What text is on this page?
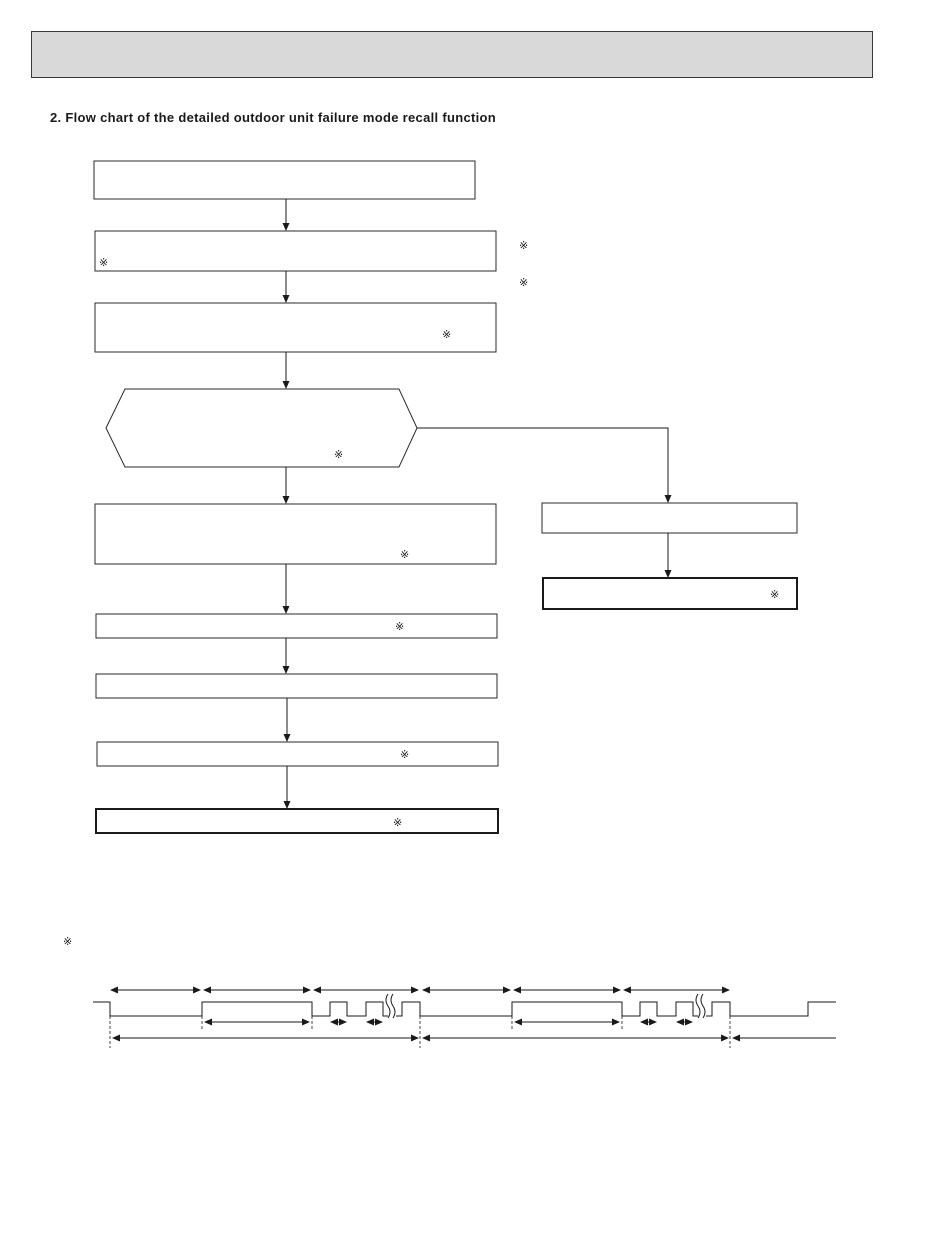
2. Flow chart of the detailed outdoor unit failure mode recall function
※
※
※
※
※
※
※
※
※
※
※
